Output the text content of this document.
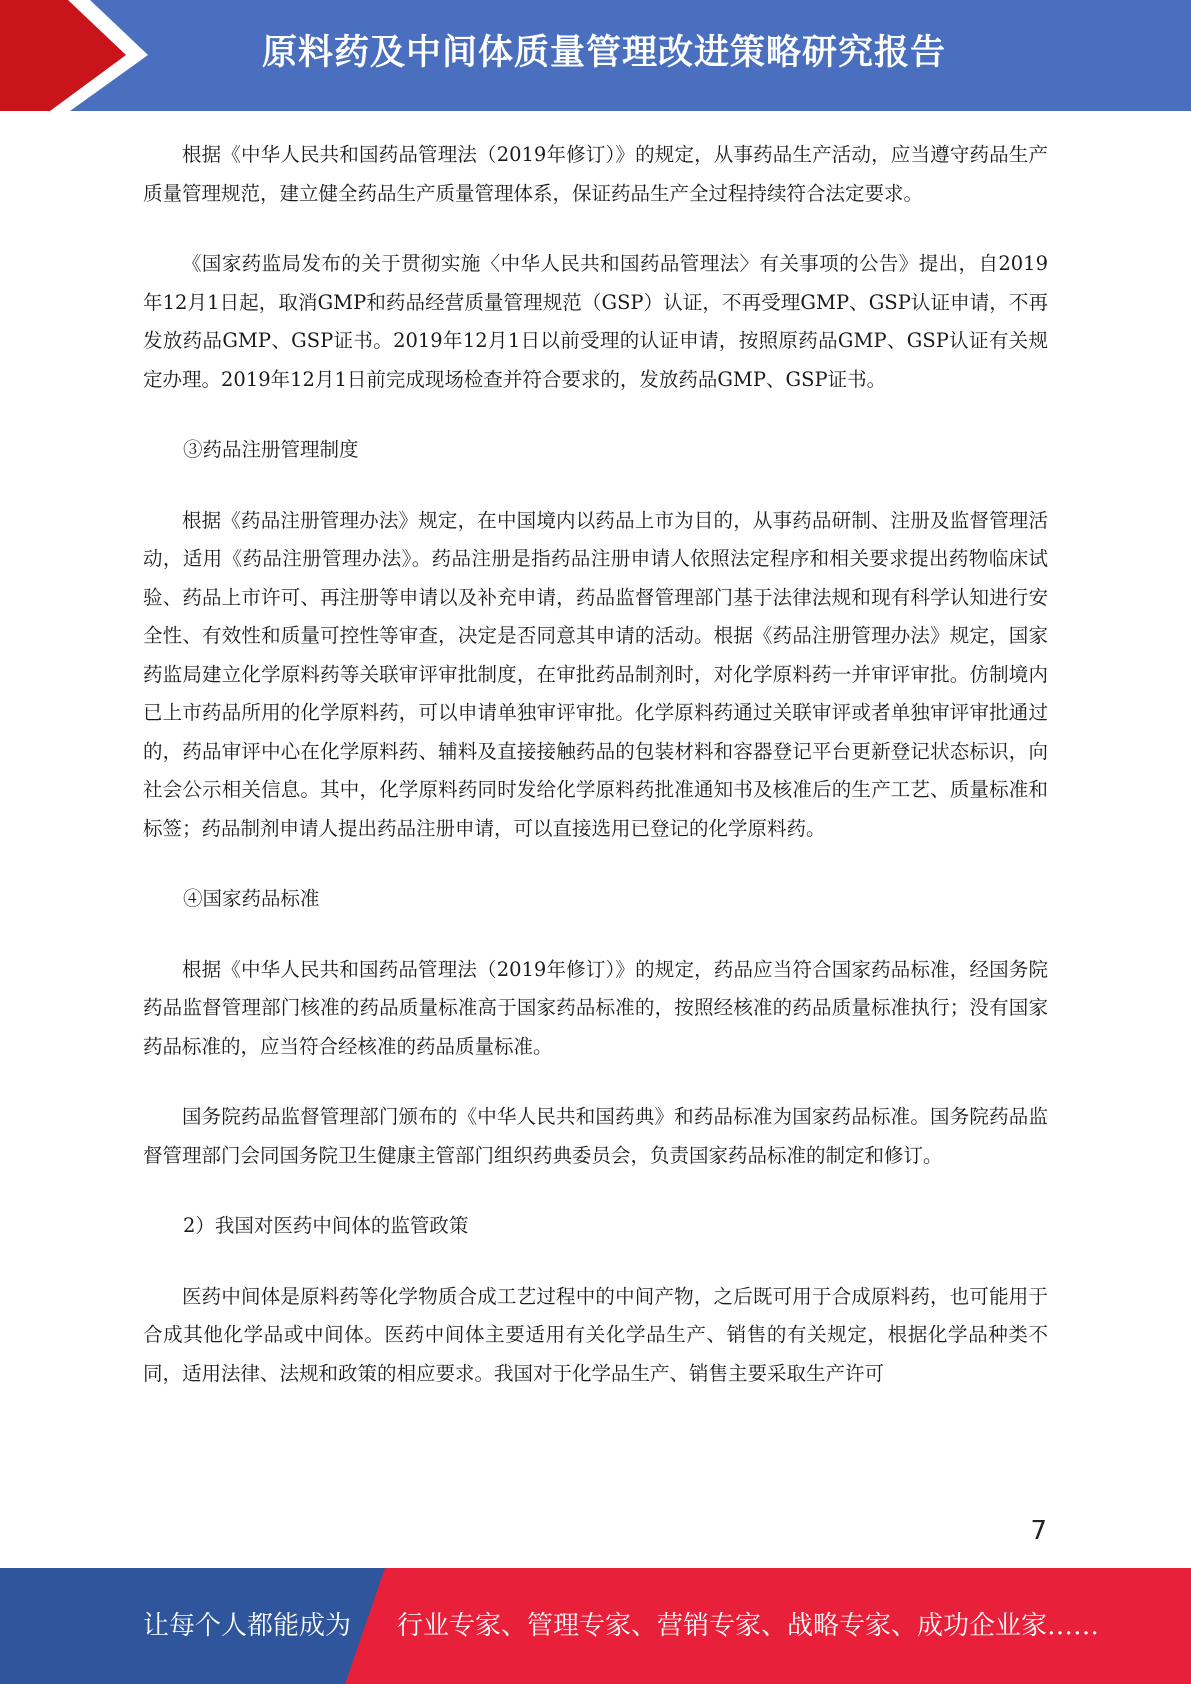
原料药及中间体质量管理改进策略研究报告

根据《中华人民共和国药品管理法（2019年修订）》的规定，从事药品生产活动，应当遵守药品生产质量管理规范，建立健全药品生产质量管理体系，保证药品生产全过程持续符合法定要求。

《国家药监局发布的关于贯彻实施〈中华人民共和国药品管理法〉有关事项的公告》提出，自2019年12月1日起，取消GMP和药品经营质量管理规范（GSP）认证，不再受理GMP、GSP认证申请，不再发放药品GMP、GSP证书。2019年12月1日以前受理的认证申请，按照原药品GMP、GSP认证有关规定办理。2019年12月1日前完成现场检查并符合要求的，发放药品GMP、GSP证书。

③药品注册管理制度

根据《药品注册管理办法》规定，在中国境内以药品上市为目的，从事药品研制、注册及监督管理活动，适用《药品注册管理办法》。药品注册是指药品注册申请人依照法定程序和相关要求提出药物临床试验、药品上市许可、再注册等申请以及补充申请，药品监督管理部门基于法律法规和现有科学认知进行安全性、有效性和质量可控性等审查，决定是否同意其申请的活动。根据《药品注册管理办法》规定，国家药监局建立化学原料药等关联审评审批制度，在审批药品制剂时，对化学原料药一并审评审批。仿制境内已上市药品所用的化学原料药，可以申请单独审评审批。化学原料药通过关联审评或者单独审评审批通过的，药品审评中心在化学原料药、辅料及直接接触药品的包装材料和容器登记平台更新登记状态标识，向社会公示相关信息。其中，化学原料药同时发给化学原料药批准通知书及核准后的生产工艺、质量标准和标签；药品制剂申请人提出药品注册申请，可以直接选用已登记的化学原料药。

④国家药品标准

根据《中华人民共和国药品管理法（2019年修订）》的规定，药品应当符合国家药品标准，经国务院药品监督管理部门核准的药品质量标准高于国家药品标准的，按照经核准的药品质量标准执行；没有国家药品标准的，应当符合经核准的药品质量标准。

国务院药品监督管理部门颁布的《中华人民共和国药典》和药品标准为国家药品标准。国务院药品监督管理部门会同国务院卫生健康主管部门组织药典委员会，负责国家药品标准的制定和修订。

2）我国对医药中间体的监管政策

医药中间体是原料药等化学物质合成工艺过程中的中间产物，之后既可用于合成原料药，也可能用于合成其他化学品或中间体。医药中间体主要适用有关化学品生产、销售的有关规定，根据化学品种类不同，适用法律、法规和政策的相应要求。我国对于化学品生产、销售主要采取生产许可

7
让每个人都能成为 行业专家、管理专家、营销专家、战略专家、成功企业家……
